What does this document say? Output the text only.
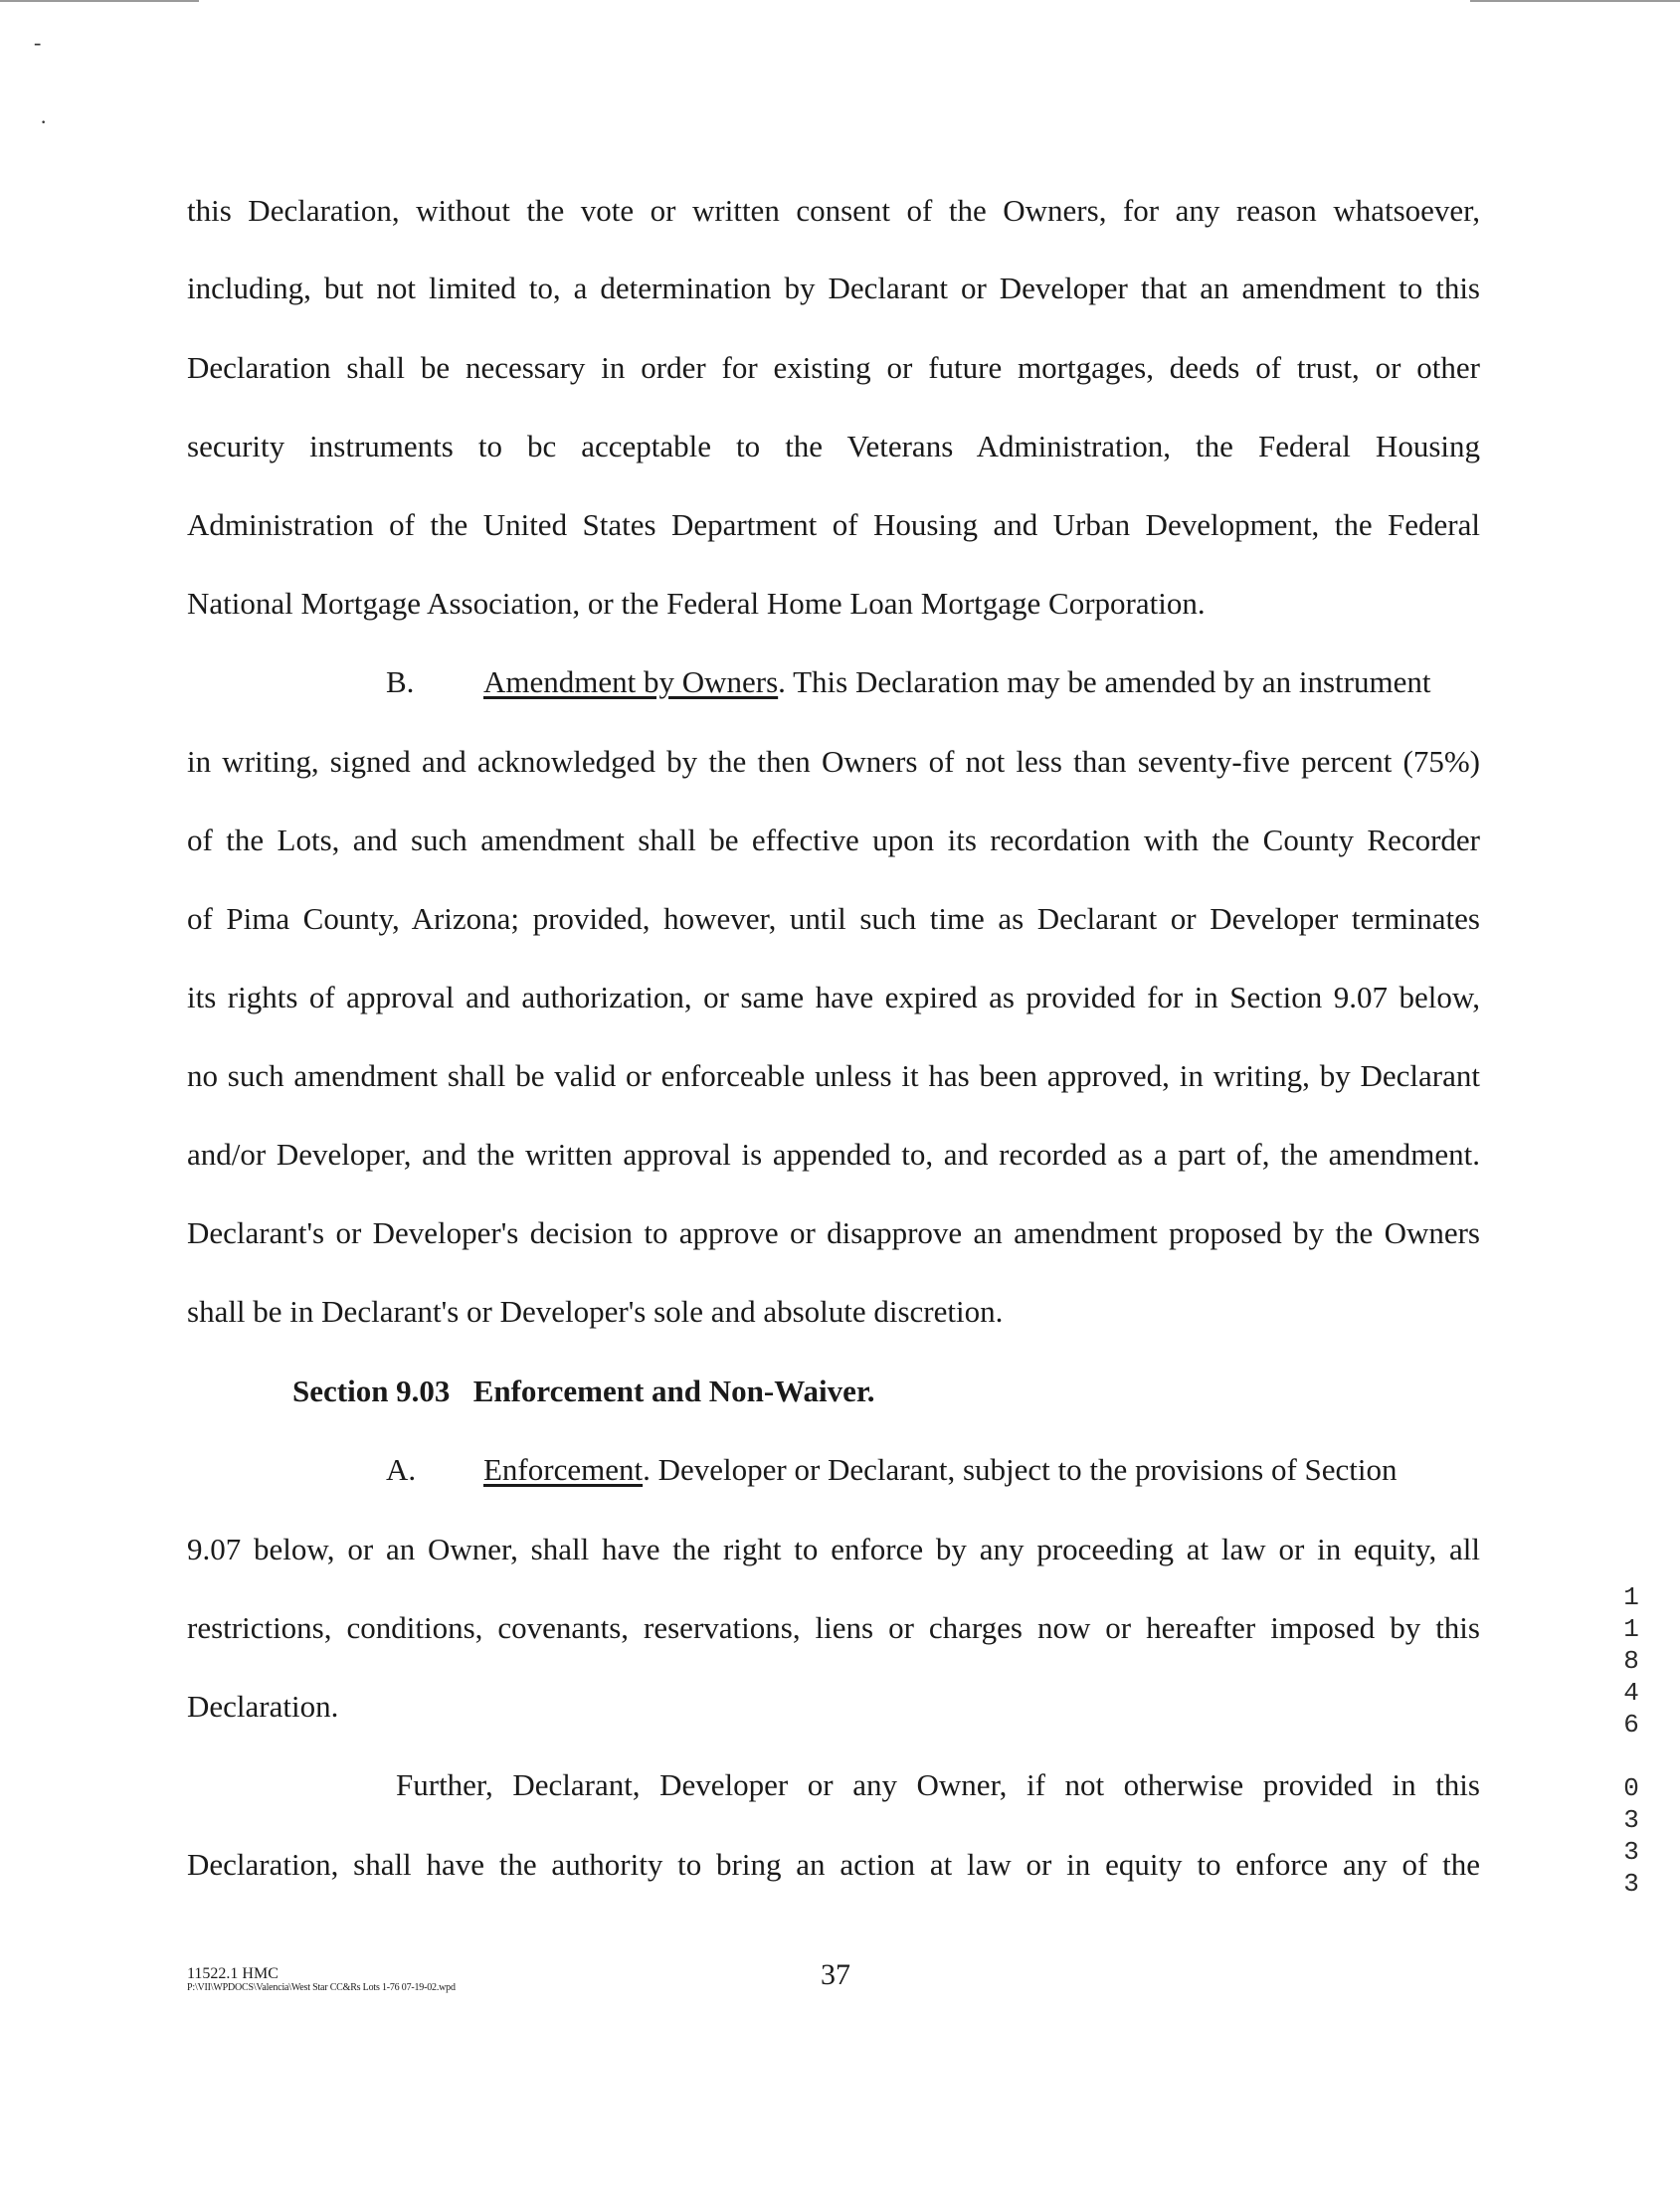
-
·
this Declaration, without the vote or written consent of the Owners, for any reason whatsoever,
including, but not limited to, a determination by Declarant or Developer that an amendment to this
Declaration shall be necessary in order for existing or future mortgages, deeds of trust, or other
security instruments to bc acceptable to the Veterans Administration, the Federal Housing
Administration of the United States Department of Housing and Urban Development, the Federal
National Mortgage Association, or the Federal Home Loan Mortgage Corporation.
B. Amendment by Owners. This Declaration may be amended by an instrument
in writing, signed and acknowledged by the then Owners of not less than seventy-five percent (75%)
of the Lots, and such amendment shall be effective upon its recordation with the County Recorder
of Pima County, Arizona; provided, however, until such time as Declarant or Developer terminates
its rights of approval and authorization, or same have expired as provided for in Section 9.07 below,
no such amendment shall be valid or enforceable unless it has been approved, in writing, by Declarant
and/or Developer, and the written approval is appended to, and recorded as a part of, the amendment.
Declarant's or Developer's decision to approve or disapprove an amendment proposed by the Owners
shall be in Declarant's or Developer's sole and absolute discretion.
Section 9.03 Enforcement and Non-Waiver.
A. Enforcement. Developer or Declarant, subject to the provisions of Section
9.07 below, or an Owner, shall have the right to enforce by any proceeding at law or in equity, all
restrictions, conditions, covenants, reservations, liens or charges now or hereafter imposed by this
Declaration.
Further, Declarant, Developer or any Owner, if not otherwise provided in this
Declaration, shall have the authority to bring an action at law or in equity to enforce any of the
11522.1 HMC
P:\VII\WPDOCS\Valencia\West Star CC&Rs Lots 1-76 07-19-02.wpd	37
1
1
8
4
6
0
3
3
3
